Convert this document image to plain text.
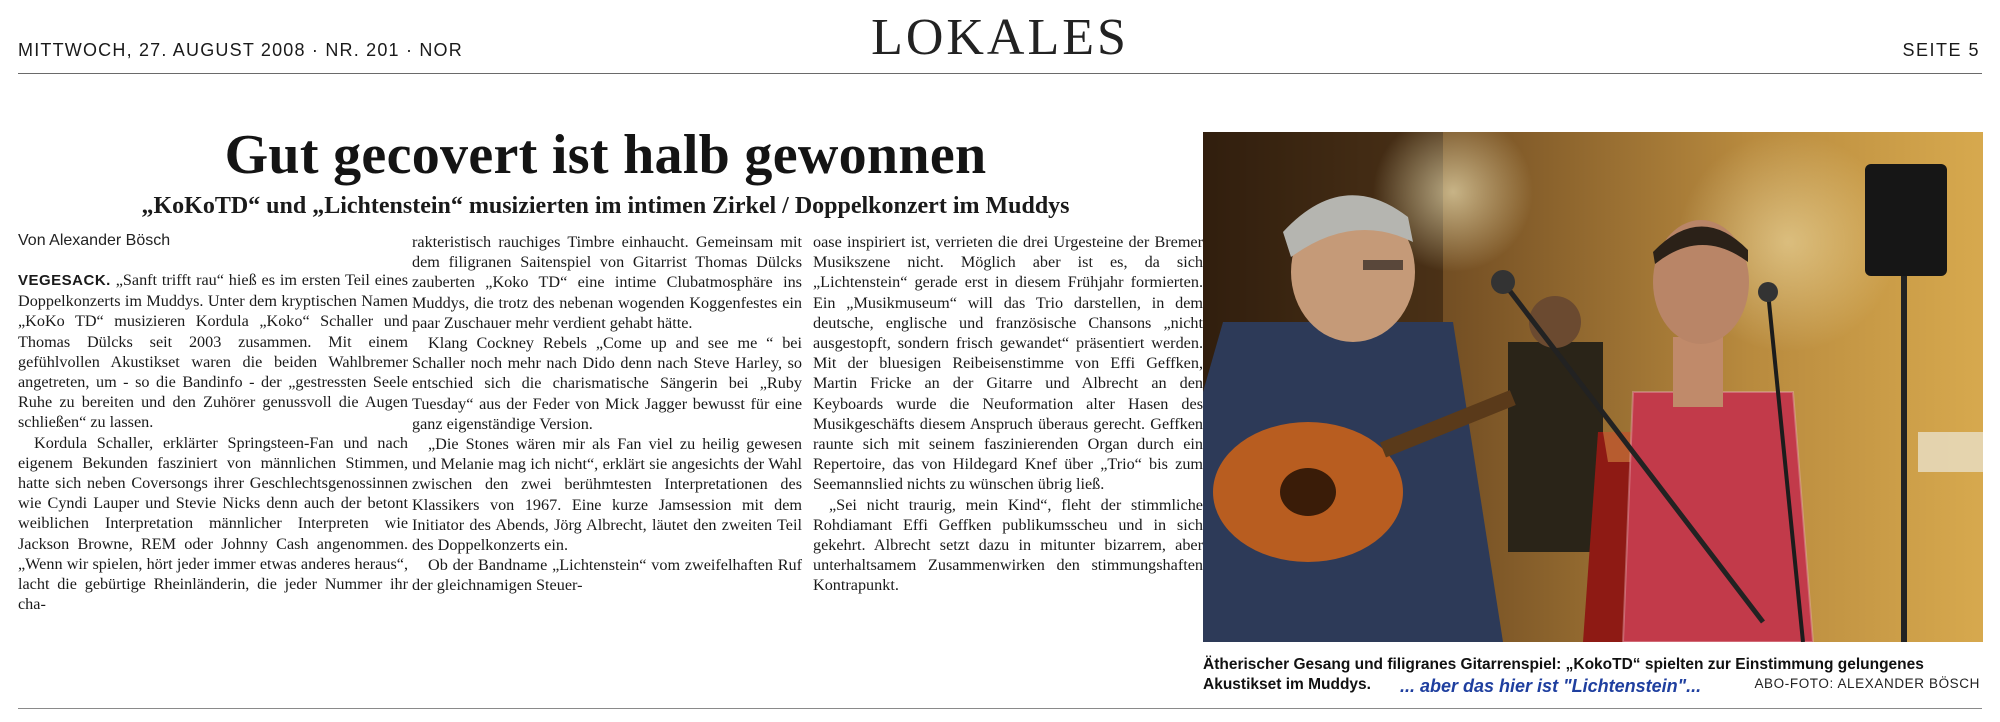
MITTWOCH, 27. AUGUST 2008 · NR. 201 · NOR	LOKALES	SEITE 5
Gut gecovert ist halb gewonnen
„KoKoTD“ und „Lichtenstein“ musizierten im intimen Zirkel / Doppelkonzert im Muddys
Von Alexander Bösch

VEGESACK. „Sanft trifft rau“ hieß es im ersten Teil eines Doppelkonzerts im Muddys. Unter dem kryptischen Namen „KoKo TD“ musizieren Kordula „Koko“ Schaller und Thomas Dülcks seit 2003 zusammen. Mit einem gefühlvollen Akustikset waren die beiden Wahlbremer angetreten, um - so die Bandinfo - der „gestressten Seele Ruhe zu bereiten und den Zuhörer genussvoll die Augen schließen“ zu lassen.

Kordula Schaller, erklärter Springsteen-Fan und nach eigenem Bekunden fasziniert von männlichen Stimmen, hatte sich neben Coversongs ihrer Geschlechtsgenossinnen wie Cyndi Lauper und Stevie Nicks denn auch der betont weiblichen Interpretation männlicher Interpreten wie Jackson Browne, REM oder Johnny Cash angenommen. „Wenn wir spielen, hört jeder immer etwas anderes heraus“, lacht die gebürtige Rheinländerin, die jeder Nummer ihr cha-

rakteristisch rauchiges Timbre einhaucht. Gemeinsam mit dem filigranen Saitenspiel von Gitarrist Thomas Dülcks zauberten „Koko TD“ eine intime Clubatmosphäre ins Muddys, die trotz des nebenan wogenden Koggenfestes ein paar Zuschauer mehr verdient gehabt hätte.

Klang Cockney Rebels „Come up and see me “ bei Schaller noch mehr nach Dido denn nach Steve Harley, so entschied sich die charismatische Sängerin bei „Ruby Tuesday“ aus der Feder von Mick Jagger bewusst für eine ganz eigenständige Version.

„Die Stones wären mir als Fan viel zu heilig gewesen und Melanie mag ich nicht“, erklärt sie angesichts der Wahl zwischen den zwei berühmtesten Interpretationen des Klassikers von 1967. Eine kurze Jamsession mit dem Initiator des Abends, Jörg Albrecht, läutet den zweiten Teil des Doppelkonzerts ein.

Ob der Bandname „Lichtenstein“ vom zweifelhaften Ruf der gleichnamigen Steuer-

oase inspiriert ist, verrieten die drei Urgesteine der Bremer Musikszene nicht. Möglich aber ist es, da sich „Lichtenstein“ gerade erst in diesem Frühjahr formierten. Ein „Musikmuseum“ will das Trio darstellen, in dem deutsche, englische und französische Chansons „nicht ausgestopft, sondern frisch gewandet“ präsentiert werden. Mit der bluesigen Reibeisenstimme von Effi Geffken, Martin Fricke an der Gitarre und Albrecht an den Keyboards wurde die Neuformation alter Hasen des Musikgeschäfts diesem Anspruch überaus gerecht. Geffken raunte sich mit seinem faszinierenden Organ durch ein Repertoire, das von Hildegard Knef über „Trio“ bis zum Seemannslied nichts zu wünschen übrig ließ.

„Sei nicht traurig, mein Kind“, fleht der stimmliche Rohdiamant Effi Geffken publikumsscheu und in sich gekehrt. Albrecht setzt dazu in mitunter bizarrem, aber unterhaltsamem Zusammenwirken den stimmungshaften Kontrapunkt.

Ätherischer Gesang und filigranes Gitarrenspiel: „KokoTD“ spielten zur Einstimmung gelungenes Akustikset im Muddys.	... aber das hier ist "Lichtenstein"...	ABO-FOTO: ALEXANDER BÖSCH
